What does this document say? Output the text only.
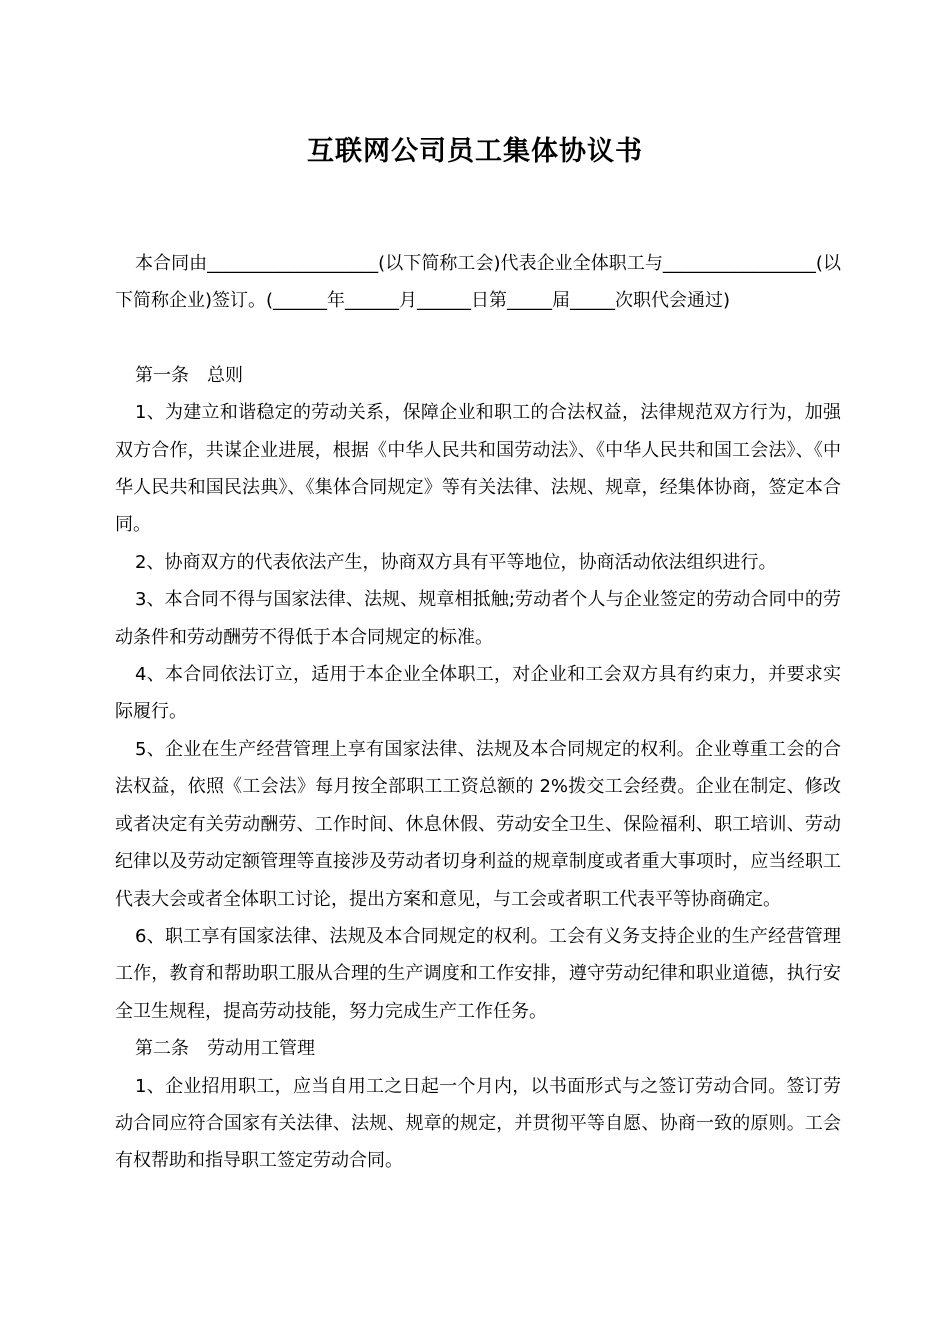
互联网公司员工集体协议书

本合同由___________________(以下简称工会)代表企业全体职工与_________________(以下简称企业)签订。(______年______月______日第_____届_____次职代会通过)

第一条　总则

1、为建立和谐稳定的劳动关系，保障企业和职工的合法权益，法律规范双方行为，加强双方合作，共谋企业进展，根据《中华人民共和国劳动法》、《中华人民共和国工会法》、《中华人民共和国民法典》、《集体合同规定》等有关法律、法规、规章，经集体协商，签定本合同。

2、协商双方的代表依法产生，协商双方具有平等地位，协商活动依法组织进行。

3、本合同不得与国家法律、法规、规章相抵触;劳动者个人与企业签定的劳动合同中的劳动条件和劳动酬劳不得低于本合同规定的标准。

4、本合同依法订立，适用于本企业全体职工，对企业和工会双方具有约束力，并要求实际履行。

5、企业在生产经营管理上享有国家法律、法规及本合同规定的权利。企业尊重工会的合法权益，依照《工会法》每月按全部职工工资总额的 2%拨交工会经费。企业在制定、修改或者决定有关劳动酬劳、工作时间、休息休假、劳动安全卫生、保险福利、职工培训、劳动纪律以及劳动定额管理等直接涉及劳动者切身利益的规章制度或者重大事项时，应当经职工代表大会或者全体职工讨论，提出方案和意见，与工会或者职工代表平等协商确定。

6、职工享有国家法律、法规及本合同规定的权利。工会有义务支持企业的生产经营管理工作，教育和帮助职工服从合理的生产调度和工作安排，遵守劳动纪律和职业道德，执行安全卫生规程，提高劳动技能，努力完成生产工作任务。

第二条　劳动用工管理

1、企业招用职工，应当自用工之日起一个月内，以书面形式与之签订劳动合同。签订劳动合同应符合国家有关法律、法规、规章的规定，并贯彻平等自愿、协商一致的原则。工会有权帮助和指导职工签定劳动合同。
